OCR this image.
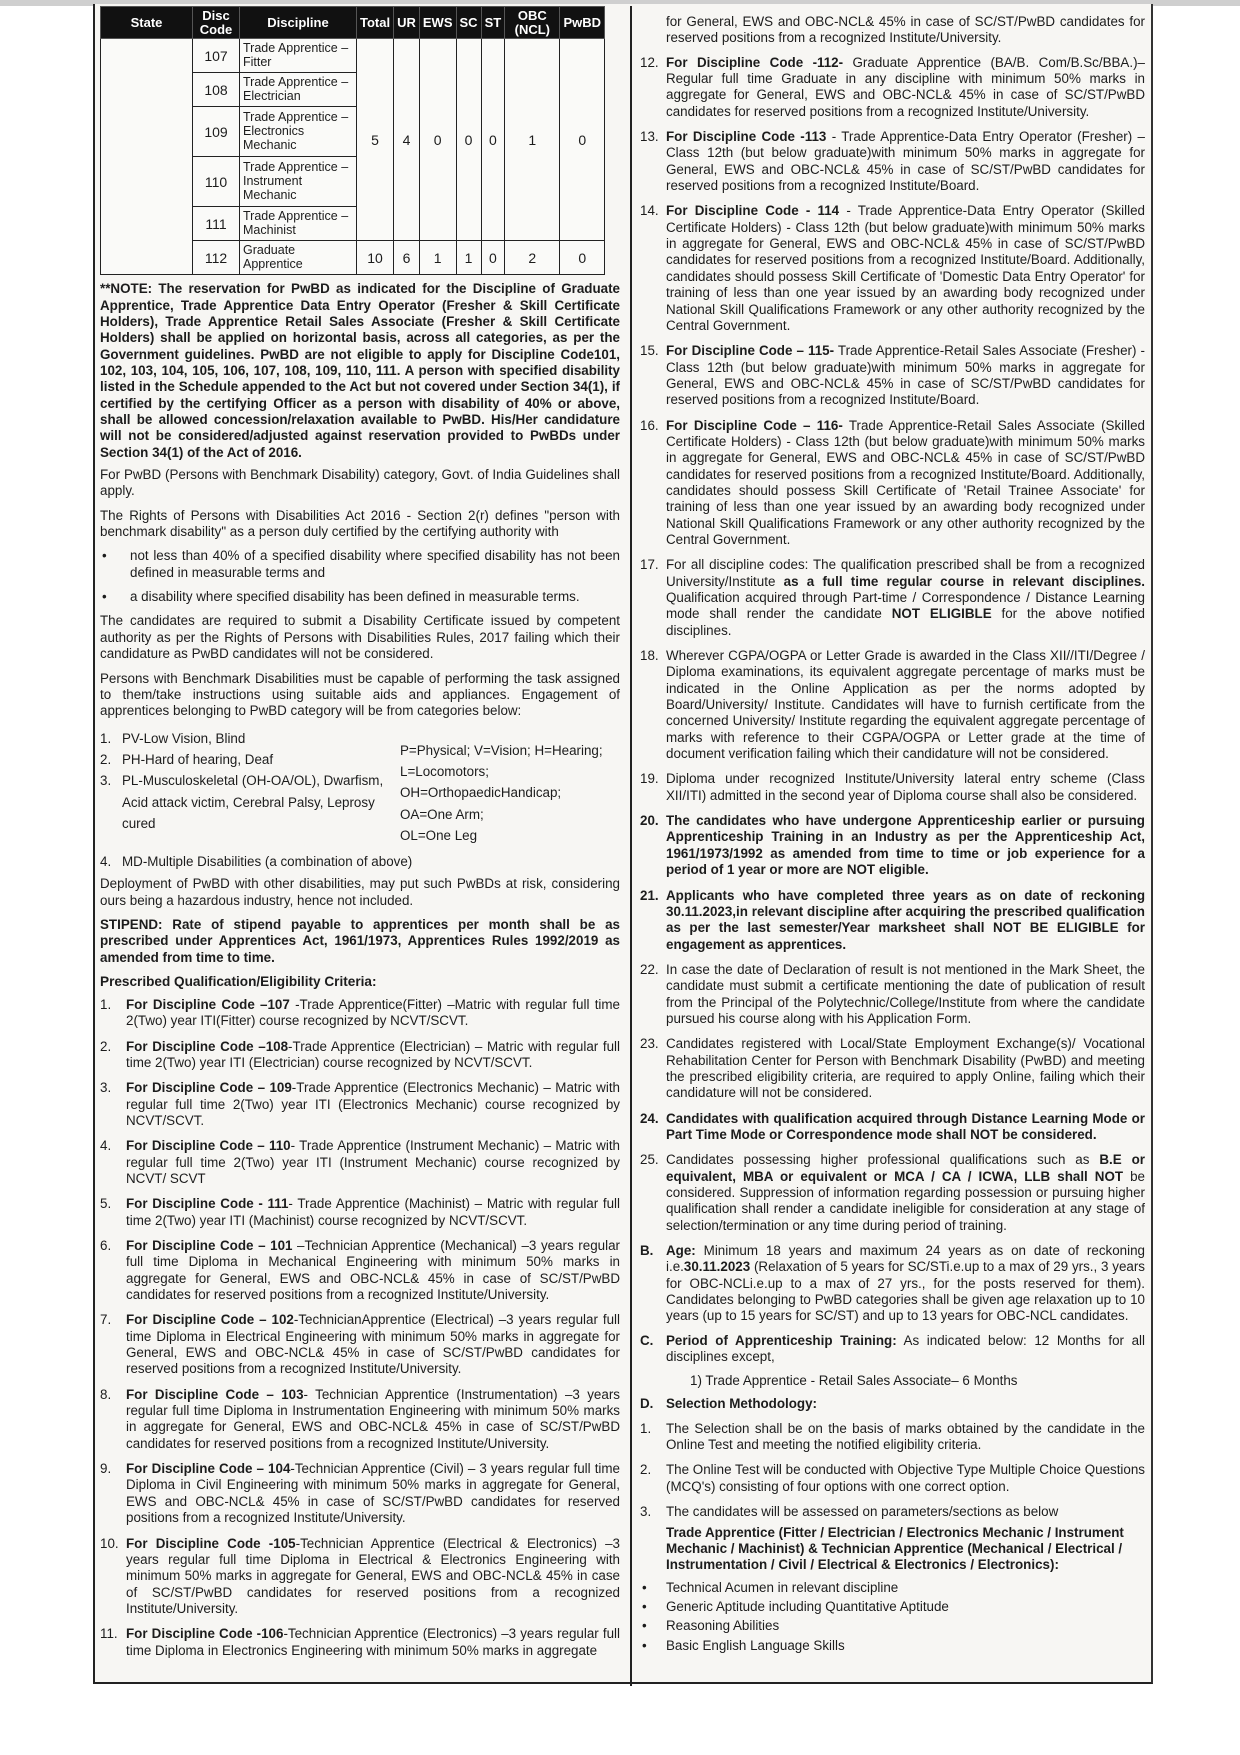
State	Disc Code	Discipline	Total	UR	EWS	SC	ST	OBC (NCL)	PwBD
	107	Trade Apprentice – Fitter	5	4	0	0	0	1	0
	108	Trade Apprentice – Electrician							
	109	Trade Apprentice – Electronics Mechanic							
	110	Trade Apprentice – Instrument Mechanic							
	111	Trade Apprentice – Machinist							
	112	Graduate Apprentice	10	6	1	1	0	2	0
**NOTE: The reservation for PwBD as indicated for the Discipline of Graduate Apprentice, Trade Apprentice Data Entry Operator (Fresher & Skill Certificate Holders), Trade Apprentice Retail Sales Associate (Fresher & Skill Certificate Holders) shall be applied on horizontal basis, across all categories, as per the Government guidelines. PwBD are not eligible to apply for Discipline Code101, 102, 103, 104, 105, 106, 107, 108, 109, 110, 111. A person with specified disability listed in the Schedule appended to the Act but not covered under Section 34(1), if certified by the certifying Officer as a person with disability of 40% or above, shall be allowed concession/relaxation available to PwBD. His/Her candidature will not be considered/adjusted against reservation provided to PwBDs under Section 34(1) of the Act of 2016.

For PwBD (Persons with Benchmark Disability) category, Govt. of India Guidelines shall apply.

The Rights of Persons with Disabilities Act 2016 - Section 2(r) defines "person with benchmark disability" as a person duly certified by the certifying authority with

• not less than 40% of a specified disability where specified disability has not been defined in measurable terms and
• a disability where specified disability has been defined in measurable terms.

The candidates are required to submit a Disability Certificate issued by competent authority as per the Rights of Persons with Disabilities Rules, 2017 failing which their candidature as PwBD candidates will not be considered.

Persons with Benchmark Disabilities must be capable of performing the task assigned to them/take instructions using suitable aids and appliances. Engagement of apprentices belonging to PwBD category will be from categories below:

1. PV-Low Vision, Blind
2. PH-Hard of hearing, Deaf
3. PL-Musculoskeletal (OH-OA/OL), Dwarfism, Acid attack victim, Cerebral Palsy, Leprosy cured
P=Physical; V=Vision; H=Hearing;
L=Locomotors;
OH=OrthopaedicHandicap;
OA=One Arm;
OL=One Leg
4. MD-Multiple Disabilities (a combination of above)

Deployment of PwBD with other disabilities, may put such PwBDs at risk, considering ours being a hazardous industry, hence not included.

STIPEND: Rate of stipend payable to apprentices per month shall be as prescribed under Apprentices Act, 1961/1973, Apprentices Rules 1992/2019 as amended from time to time.

Prescribed Qualification/Eligibility Criteria:
1. For Discipline Code –107 -Trade Apprentice(Fitter) –Matric with regular full time 2(Two) year ITI(Fitter) course recognized by NCVT/SCVT.
2. For Discipline Code –108-Trade Apprentice (Electrician) – Matric with regular full time 2(Two) year ITI (Electrician) course recognized by NCVT/SCVT.
3. For Discipline Code – 109-Trade Apprentice (Electronics Mechanic) – Matric with regular full time 2(Two) year ITI (Electronics Mechanic) course recognized by NCVT/SCVT.
4. For Discipline Code – 110- Trade Apprentice (Instrument Mechanic) – Matric with regular full time 2(Two) year ITI (Instrument Mechanic) course recognized by NCVT/ SCVT
5. For Discipline Code - 111- Trade Apprentice (Machinist) – Matric with regular full time 2(Two) year ITI (Machinist) course recognized by NCVT/SCVT.
6. For Discipline Code – 101 –Technician Apprentice (Mechanical) –3 years regular full time Diploma in Mechanical Engineering with minimum 50% marks in aggregate for General, EWS and OBC-NCL& 45% in case of SC/ST/PwBD candidates for reserved positions from a recognized Institute/University.
7. For Discipline Code – 102-TechnicianApprentice (Electrical) –3 years regular full time Diploma in Electrical Engineering with minimum 50% marks in aggregate for General, EWS and OBC-NCL& 45% in case of SC/ST/PwBD candidates for reserved positions from a recognized Institute/University.
8. For Discipline Code – 103- Technician Apprentice (Instrumentation) –3 years regular full time Diploma in Instrumentation Engineering with minimum 50% marks in aggregate for General, EWS and OBC-NCL& 45% in case of SC/ST/PwBD candidates for reserved positions from a recognized Institute/University.
9. For Discipline Code – 104-Technician Apprentice (Civil) – 3 years regular full time Diploma in Civil Engineering with minimum 50% marks in aggregate for General, EWS and OBC-NCL& 45% in case of SC/ST/PwBD candidates for reserved positions from a recognized Institute/University.
10. For Discipline Code -105-Technician Apprentice (Electrical & Electronics) –3 years regular full time Diploma in Electrical & Electronics Engineering with minimum 50% marks in aggregate for General, EWS and OBC-NCL& 45% in case of SC/ST/PwBD candidates for reserved positions from a recognized Institute/University.
11. For Discipline Code -106-Technician Apprentice (Electronics) –3 years regular full time Diploma in Electronics Engineering with minimum 50% marks in aggregate

for General, EWS and OBC-NCL& 45% in case of SC/ST/PwBD candidates for reserved positions from a recognized Institute/University.

12. For Discipline Code -112- Graduate Apprentice (BA/B. Com/B.Sc/BBA.)–Regular full time Graduate in any discipline with minimum 50% marks in aggregate for General, EWS and OBC-NCL& 45% in case of SC/ST/PwBD candidates for reserved positions from a recognized Institute/University.
13. For Discipline Code -113 - Trade Apprentice-Data Entry Operator (Fresher) –Class 12th (but below graduate)with minimum 50% marks in aggregate for General, EWS and OBC-NCL& 45% in case of SC/ST/PwBD candidates for reserved positions from a recognized Institute/Board.
14. For Discipline Code - 114 - Trade Apprentice-Data Entry Operator (Skilled Certificate Holders) - Class 12th (but below graduate)with minimum 50% marks in aggregate for General, EWS and OBC-NCL& 45% in case of SC/ST/PwBD candidates for reserved positions from a recognized Institute/Board. Additionally, candidates should possess Skill Certificate of 'Domestic Data Entry Operator' for training of less than one year issued by an awarding body recognized under National Skill Qualifications Framework or any other authority recognized by the Central Government.
15. For Discipline Code – 115- Trade Apprentice-Retail Sales Associate (Fresher) - Class 12th (but below graduate)with minimum 50% marks in aggregate for General, EWS and OBC-NCL& 45% in case of SC/ST/PwBD candidates for reserved positions from a recognized Institute/Board.
16. For Discipline Code – 116- Trade Apprentice-Retail Sales Associate (Skilled Certificate Holders) - Class 12th (but below graduate)with minimum 50% marks in aggregate for General, EWS and OBC-NCL& 45% in case of SC/ST/PwBD candidates for reserved positions from a recognized Institute/Board. Additionally, candidates should possess Skill Certificate of 'Retail Trainee Associate' for training of less than one year issued by an awarding body recognized under National Skill Qualifications Framework or any other authority recognized by the Central Government.
17. For all discipline codes: The qualification prescribed shall be from a recognized University/Institute as a full time regular course in relevant disciplines. Qualification acquired through Part-time / Correspondence / Distance Learning mode shall render the candidate NOT ELIGIBLE for the above notified disciplines.
18. Wherever CGPA/OGPA or Letter Grade is awarded in the Class XII//ITI/Degree / Diploma examinations, its equivalent aggregate percentage of marks must be indicated in the Online Application as per the norms adopted by Board/University/ Institute. Candidates will have to furnish certificate from the concerned University/ Institute regarding the equivalent aggregate percentage of marks with reference to their CGPA/OGPA or Letter grade at the time of document verification failing which their candidature will not be considered.
19. Diploma under recognized Institute/University lateral entry scheme (Class XII/ITI) admitted in the second year of Diploma course shall also be considered.
20. The candidates who have undergone Apprenticeship earlier or pursuing Apprenticeship Training in an Industry as per the Apprenticeship Act, 1961/1973/1992 as amended from time to time or job experience for a period of 1 year or more are NOT eligible.
21. Applicants who have completed three years as on date of reckoning 30.11.2023,in relevant discipline after acquiring the prescribed qualification as per the last semester/Year marksheet shall NOT BE ELIGIBLE for engagement as apprentices.
22. In case the date of Declaration of result is not mentioned in the Mark Sheet, the candidate must submit a certificate mentioning the date of publication of result from the Principal of the Polytechnic/College/Institute from where the candidate pursued his course along with his Application Form.
23. Candidates registered with Local/State Employment Exchange(s)/ Vocational Rehabilitation Center for Person with Benchmark Disability (PwBD) and meeting the prescribed eligibility criteria, are required to apply Online, failing which their candidature will not be considered.
24. Candidates with qualification acquired through Distance Learning Mode or Part Time Mode or Correspondence mode shall NOT be considered.
25. Candidates possessing higher professional qualifications such as B.E or equivalent, MBA or equivalent or MCA / CA / ICWA, LLB shall NOT be considered. Suppression of information regarding possession or pursuing higher qualification shall render a candidate ineligible for consideration at any stage of selection/termination or any time during period of training.
B. Age: Minimum 18 years and maximum 24 years as on date of reckoning i.e.30.11.2023 (Relaxation of 5 years for SC/STi.e.up to a max of 29 yrs., 3 years for OBC-NCLi.e.up to a max of 27 yrs., for the posts reserved for them). Candidates belonging to PwBD categories shall be given age relaxation up to 10 years (up to 15 years for SC/ST) and up to 13 years for OBC-NCL candidates.
C. Period of Apprenticeship Training: As indicated below: 12 Months for all disciplines except,
1) Trade Apprentice - Retail Sales Associate– 6 Months
D. Selection Methodology:
1. The Selection shall be on the basis of marks obtained by the candidate in the Online Test and meeting the notified eligibility criteria.
2. The Online Test will be conducted with Objective Type Multiple Choice Questions (MCQ's) consisting of four options with one correct option.
3. The candidates will be assessed on parameters/sections as below
Trade Apprentice (Fitter / Electrician / Electronics Mechanic / Instrument Mechanic / Machinist) & Technician Apprentice (Mechanical / Electrical / Instrumentation / Civil / Electrical & Electronics / Electronics):
• Technical Acumen in relevant discipline
• Generic Aptitude including Quantitative Aptitude
• Reasoning Abilities
• Basic English Language Skills
